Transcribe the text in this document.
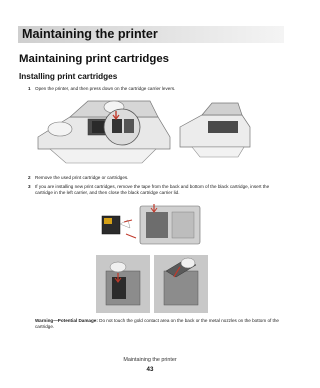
Maintaining the printer
Maintaining print cartridges
Installing print cartridges
1 Open the printer, and then press down on the cartridge carrier levers.
2 Remove the used print cartridge or cartridges.
3 If you are installing new print cartridges, remove the tape from the back and bottom of the black cartridge, insert the cartridge in the left carrier, and then close the black cartridge carrier lid.
Warning—Potential Damage: Do not touch the gold contact area on the back or the metal nozzles on the bottom of the cartridge.
Maintaining the printer
43
